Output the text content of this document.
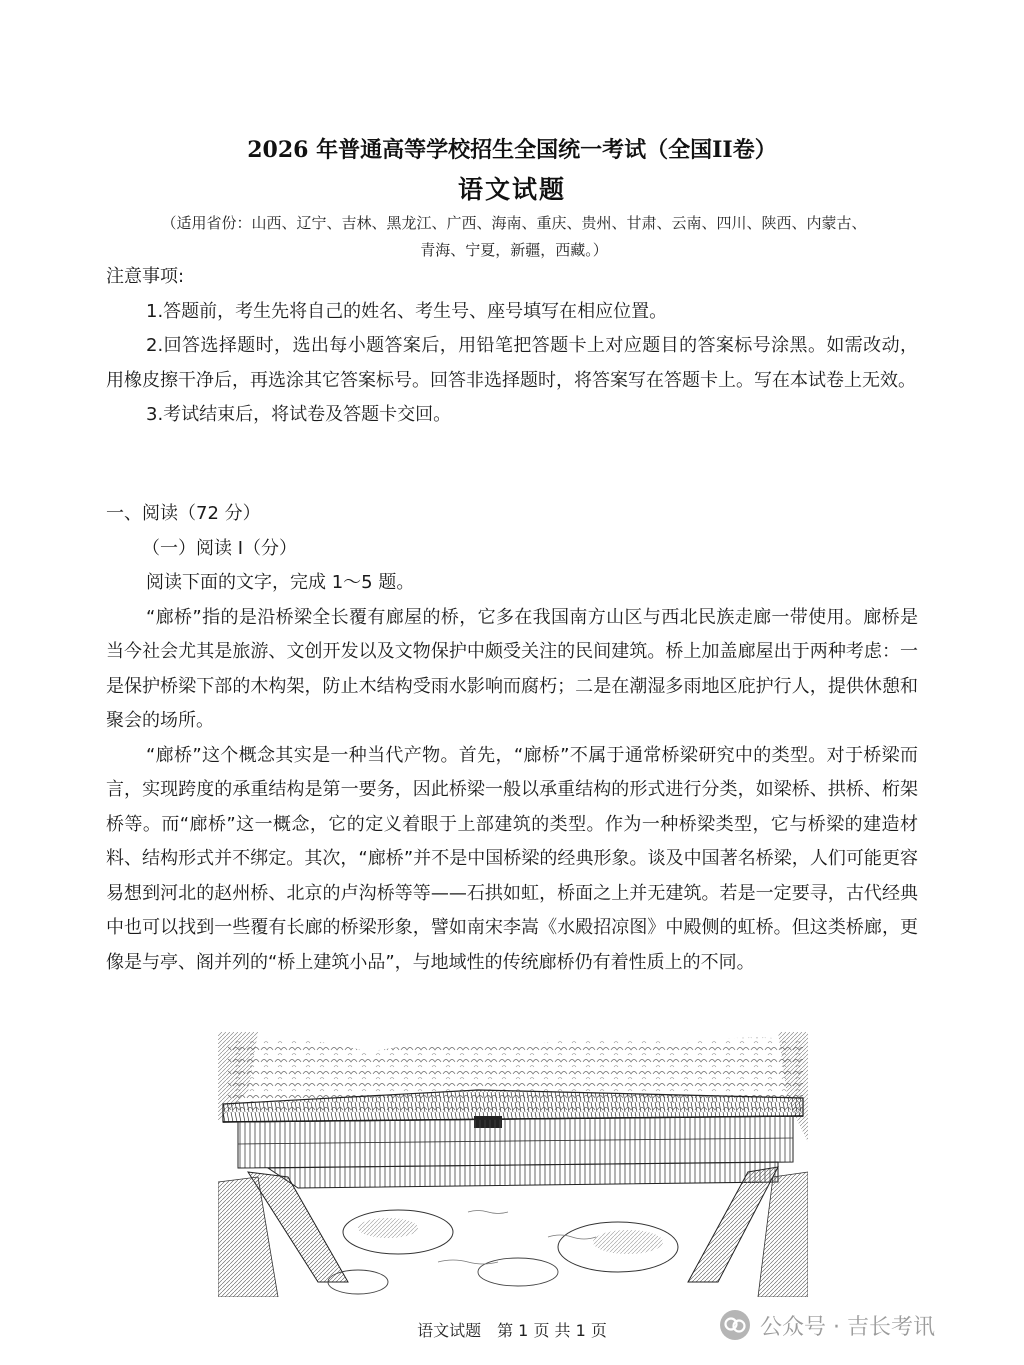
2026 年普通高等学校招生全国统一考试（全国II卷）
语文试题
（适用省份：山西、辽宁、吉林、黑龙江、广西、海南、重庆、贵州、甘肃、云南、四川、陕西、内蒙古、
青海、宁夏，新疆，西藏。）

注意事项:

1.答题前，考生先将自己的姓名、考生号、座号填写在相应位置。

2.回答选择题时，选出每小题答案后，用铅笔把答题卡上对应题目的答案标号涂黑。如需改动，用橡皮擦干净后，再选涂其它答案标号。回答非选择题时，将答案写在答题卡上。写在本试卷上无效。

3.考试结束后，将试卷及答题卡交回。

一、阅读（72 分）

（一）阅读 I（分）

阅读下面的文字，完成 1～5 题。

“廊桥”指的是沿桥梁全长覆有廊屋的桥，它多在我国南方山区与西北民族走廊一带使用。廊桥是当今社会尤其是旅游、文创开发以及文物保护中颇受关注的民间建筑。桥上加盖廊屋出于两种考虑：一是保护桥梁下部的木构架，防止木结构受雨水影响而腐朽；二是在潮湿多雨地区庇护行人，提供休憩和聚会的场所。

“廊桥”这个概念其实是一种当代产物。首先，“廊桥”不属于通常桥梁研究中的类型。对于桥梁而言，实现跨度的承重结构是第一要务，因此桥梁一般以承重结构的形式进行分类，如梁桥、拱桥、桁架桥等。而“廊桥”这一概念，它的定义着眼于上部建筑的类型。作为一种桥梁类型，它与桥梁的建造材料、结构形式并不绑定。其次，“廊桥”并不是中国桥梁的经典形象。谈及中国著名桥梁，人们可能更容易想到河北的赵州桥、北京的卢沟桥等等——石拱如虹，桥面之上并无建筑。若是一定要寻，古代经典中也可以找到一些覆有长廊的桥梁形象，譬如南宋李嵩《水殿招凉图》中殿侧的虹桥。但这类桥廊，更像是与亭、阁并列的“桥上建筑小品”，与地域性的传统廊桥仍有着性质上的不同。

语文试题　第 1 页 共 1 页	公众号 · 吉长考讯
